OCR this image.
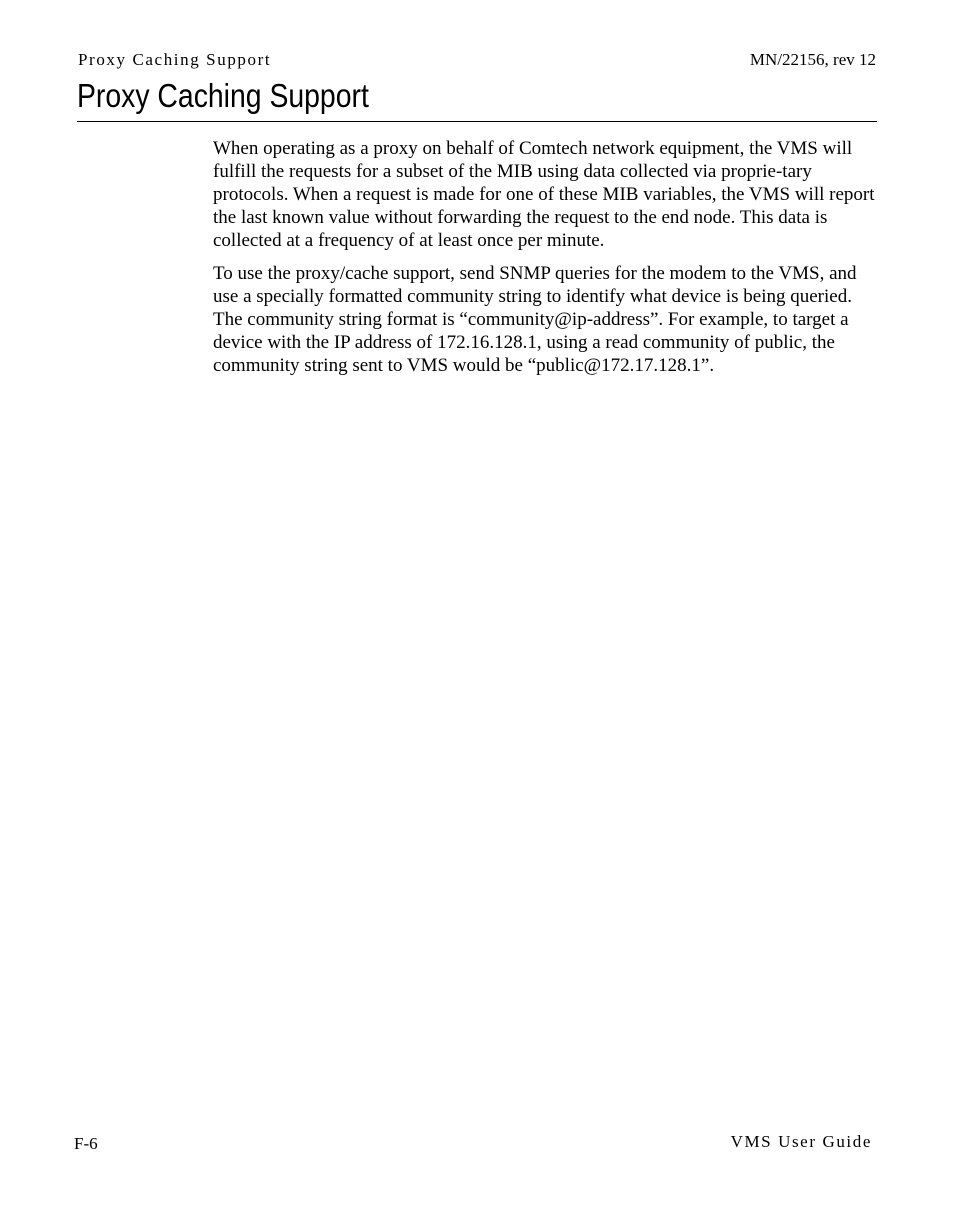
Proxy Caching Support	MN/22156, rev 12
Proxy Caching Support

When operating as a proxy on behalf of Comtech network equipment, the VMS will fulfill the requests for a subset of the MIB using data collected via proprie-tary protocols. When a request is made for one of these MIB variables, the VMS will report the last known value without forwarding the request to the end node. This data is collected at a frequency of at least once per minute.

To use the proxy/cache support, send SNMP queries for the modem to the VMS, and use a specially formatted community string to identify what device is being queried. The community string format is “community@ip-address”. For example, to target a device with the IP address of 172.16.128.1, using a read community of public, the community string sent to VMS would be “public@172.17.128.1”.

F-6	VMS User Guide
